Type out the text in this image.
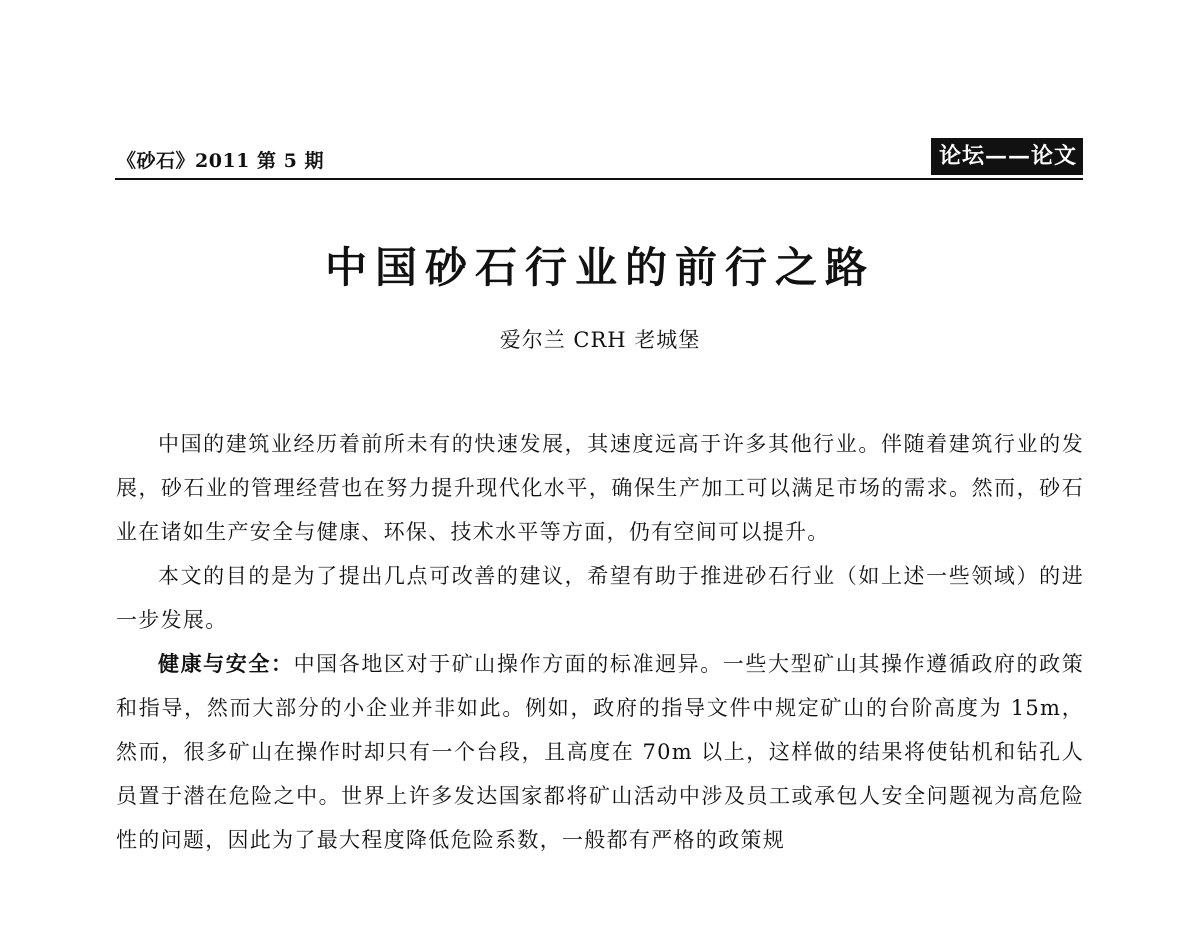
《砂石》2011 第 5 期	论坛——论文
中国砂石行业的前行之路
爱尔兰 CRH 老城堡

中国的建筑业经历着前所未有的快速发展，其速度远高于许多其他行业。伴随着建筑行业的发展，砂石业的管理经营也在努力提升现代化水平，确保生产加工可以满足市场的需求。然而，砂石业在诸如生产安全与健康、环保、技术水平等方面，仍有空间可以提升。

本文的目的是为了提出几点可改善的建议，希望有助于推进砂石行业（如上述一些领域）的进一步发展。

健康与安全：中国各地区对于矿山操作方面的标准迥异。一些大型矿山其操作遵循政府的政策和指导，然而大部分的小企业并非如此。例如，政府的指导文件中规定矿山的台阶高度为 15m，然而，很多矿山在操作时却只有一个台段，且高度在 70m 以上，这样做的结果将使钻机和钻孔人员置于潜在危险之中。世界上许多发达国家都将矿山活动中涉及员工或承包人安全问题视为高危险性的问题，因此为了最大程度降低危险系数，一般都有严格的政策规
